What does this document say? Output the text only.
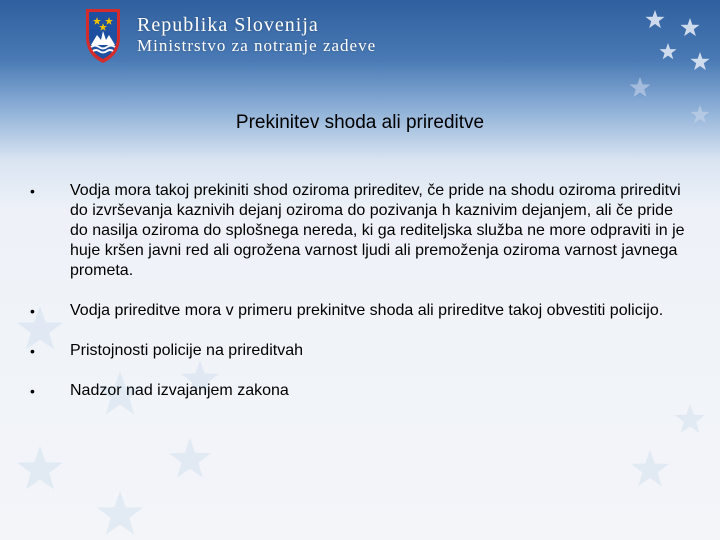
Republika Slovenija
Ministrstvo za notranje zadeve
Prekinitev shoda ali prireditve
• Vodja mora takoj prekiniti shod oziroma prireditev, če pride na shodu oziroma prireditvi do izvrševanja kaznivih dejanj oziroma do pozivanja h kaznivim dejanjem, ali če pride do nasilja oziroma do splošnega nereda, ki ga rediteljska služba ne more odpraviti in je huje kršen javni red ali ogrožena varnost ljudi ali premoženja oziroma varnost javnega prometa.
• Vodja prireditve mora v primeru prekinitve shoda ali prireditve takoj obvestiti policijo.
• Pristojnosti policije na prireditvah
• Nadzor nad izvajanjem zakona
